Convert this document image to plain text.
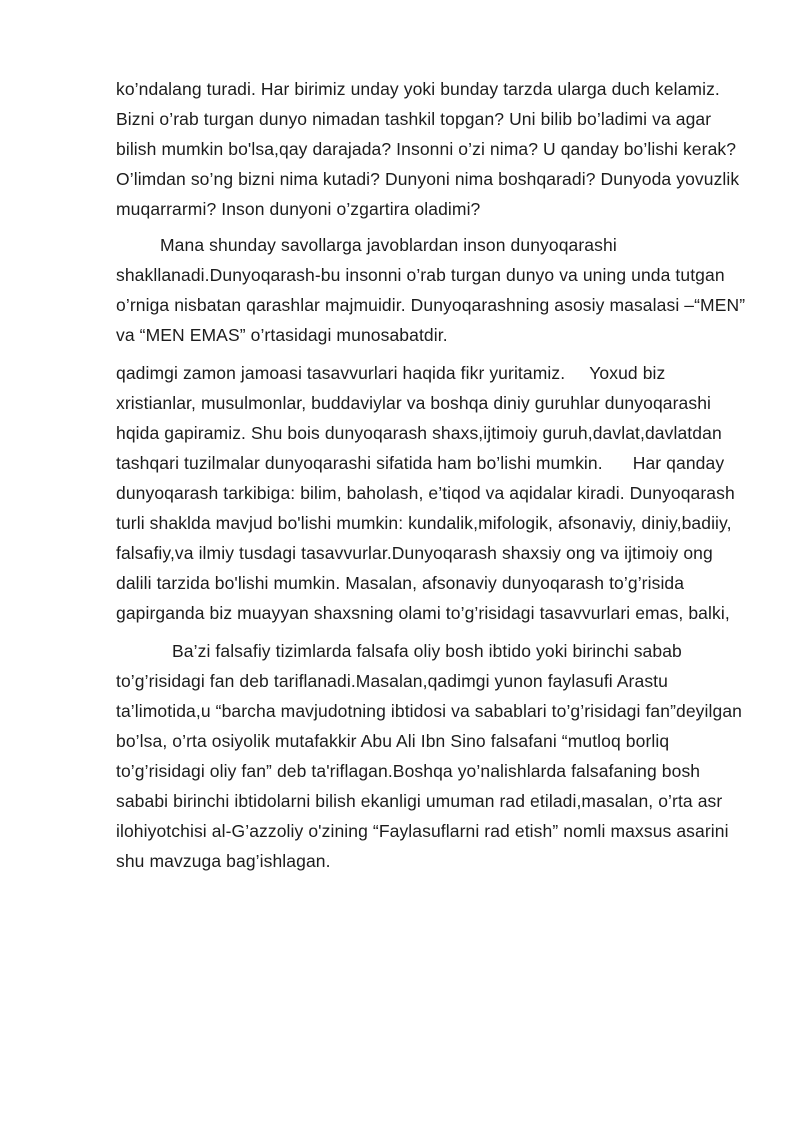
ko’ndalang turadi. Har birimiz unday yoki bunday tarzda ularga duch kelamiz. Bizni o’rab turgan dunyo nimadan tashkil topgan? Uni bilib bo’ladimi va agar bilish mumkin bo'lsa,qay darajada? Insonni o’zi nima? U qanday bo’lishi kerak?O’limdan so’ng bizni nima kutadi? Dunyoni nima boshqaradi? Dunyoda yovuzlik muqarrarmi? Inson dunyoni o’zgartira oladimi?

Mana shunday savollarga javoblardan inson dunyoqarashi shakllanadi.Dunyoqarash-bu insonni o’rab turgan dunyo va uning unda tutgan o’rniga nisbatan qarashlar majmuidir. Dunyoqarashning asosiy masalasi –“MEN” va “MEN EMAS” o’rtasidagi munosabatdir.

qadimgi zamon jamoasi tasavvurlari haqida fikr yuritamiz. Yoxud biz xristianlar, musulmonlar, buddaviylar va boshqa diniy guruhlar dunyoqarashi hqida gapiramiz. Shu bois dunyoqarash shaxs,ijtimoiy guruh,davlat,davlatdan tashqari tuzilmalar dunyoqarashi sifatida ham bo’lishi mumkin. Har qanday dunyoqarash tarkibiga: bilim, baholash, e’tiqod va aqidalar kiradi. Dunyoqarash turli shaklda mavjud bo'lishi mumkin: kundalik,mifologik, afsonaviy, diniy,badiiy, falsafiy,va ilmiy tusdagi tasavvurlar.Dunyoqarash shaxsiy ong va ijtimoiy ong dalili tarzida bo'lishi mumkin. Masalan, afsonaviy dunyoqarash to’g’risida gapirganda biz muayyan shaxsning olami to’g’risidagi tasavvurlari emas, balki,

Ba’zi falsafiy tizimlarda falsafa oliy bosh ibtido yoki birinchi sabab to’g’risidagi fan deb tariflanadi.Masalan,qadimgi yunon faylasufi Arastu ta’limotida,u “barcha mavjudotning ibtidosi va sabablari to’g’risidagi fan”deyilgan bo’lsa, o’rta osiyolik mutafakkir Abu Ali Ibn Sino falsafani “mutloq borliq to’g’risidagi oliy fan” deb ta'riflagan.Boshqa yo’nalishlarda falsafaning bosh sababi birinchi ibtidolarni bilish ekanligi umuman rad etiladi,masalan, o’rta asr ilohiyotchisi al-G’azzoliy o'zining “Faylasuflarni rad etish” nomli maxsus asarini shu mavzuga bag’ishlagan.
